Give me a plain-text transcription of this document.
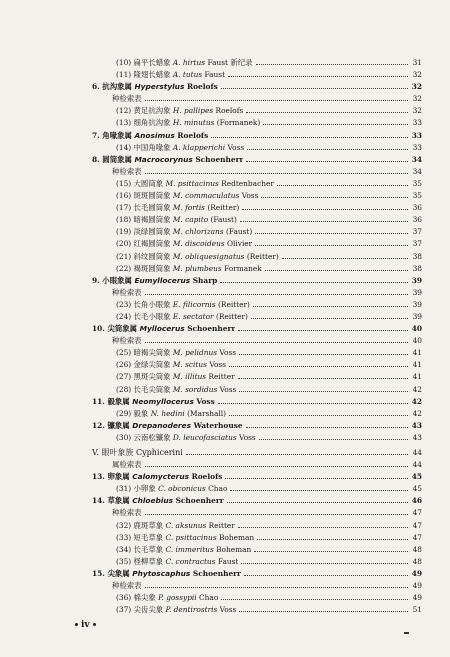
(10) 扁平长蜡象 A. hirtus Faust 新纪录	31
(11) 隆翅长蜡象 A. tutus Faust	32
6. 抗沟象属 Hyperstylus Roelofs	32
种检索表	32
(12) 黄足抗沟象 H. pallipes Roelofs	32
(13) 细角抗沟象 H. minutus (Formanek)	33
7. 角喙象属 Anosimus Roelofs	33
(14) 中国角喙象 A. klapperichi Voss	33
8. 圆筒象属 Macrocorynus Schoenherr	34
种检索表	34
(15) 大圆筒象 M. psittacinus Redtenbacher	35
(16) 斑斑圆筒象 M. commaculatus Voss	35
(17) 长毛圆筒象 M. fortis (Reitter)	36
(18) 暗褐圆筒象 M. capito (Faust)	36
(19) 淡绿圆筒象 M. chlorizans (Faust)	37
(20) 红褐圆筒象 M. discoideus Olivier	37
(21) 斜纹圆筒象 M. obliquesignatus (Reitter)	38
(22) 褐斑圆筒象 M. plumbeus Formanek	38
9. 小眼象属 Eumyllocerus Sharp	39
种检索表	39
(23) 长角小眼象 E. filicornis (Reitter)	39
(24) 长毛小眼象 E. sectator (Reitter)	39
10. 尖筒象属 Myllocerus Schoenherr	40
种检索表	40
(25) 暗褐尖筒象 M. pelidnus Voss	41
(26) 金绿尖筒象 M. scitus Voss	41
(27) 黑斑尖筒象 M. illitus Reitter	41
(28) 长毛尖筒象 M. sordidus Voss	42
11. 毅象属 Neomyllocerus Voss	42
(29) 毅象 N. hedini (Marshall)	42
12. 镰象属 Drepanoderes Waterhouse	43
(30) 云南松镰象 D. leucofasciatus Voss	43
V. 眼叶象族 Cyphicerini	44
属检索表	44
13. 卵象属 Calomycterus Roelofs	45
(31) 小卵象 C. obconicus Chao	45
14. 草象属 Chloebius Schoenherr	46
种检索表	47
(32) 鹿斑草象 C. aksunus Reitter	47
(33) 短毛草象 C. psittacinus Boheman	47
(34) 长毛草象 C. immeritus Boheman	48
(35) 柽柳草象 C. contractus Faust	48
15. 尖象属 Phytoscaphus Schoenherr	49
种检索表	49
(36) 棉尖象 P. gossypii Chao	49
(37) 尖齿尖象 P. dentirostris Voss	51
iv
